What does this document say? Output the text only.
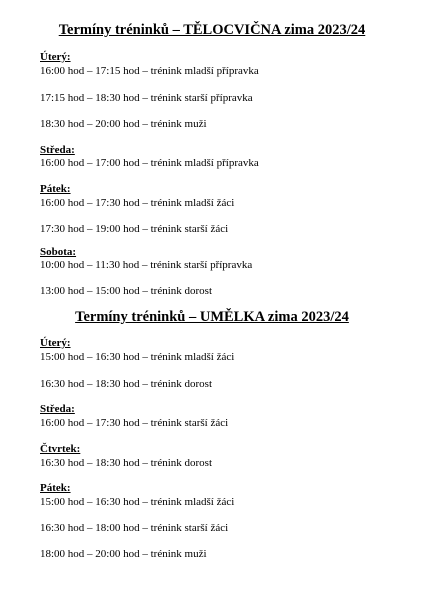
Termíny tréninků – TĚLOCVIČNA zima 2023/24
Úterý:
16:00 hod – 17:15 hod – trénink mladší přípravka
17:15 hod – 18:30 hod – trénink starší přípravka
18:30 hod – 20:00 hod – trénink muži
Středa:
16:00 hod – 17:00 hod – trénink mladší přípravka
Pátek:
16:00 hod – 17:30 hod – trénink mladší žáci
17:30 hod – 19:00 hod – trénink starší žáci
Sobota:
10:00 hod – 11:30 hod – trénink starší přípravka
13:00 hod – 15:00 hod – trénink dorost
Termíny tréninků – UMĚLKA zima 2023/24
Úterý:
15:00 hod – 16:30 hod – trénink mladší žáci
16:30 hod – 18:30 hod – trénink dorost
Středa:
16:00 hod – 17:30 hod – trénink starší žáci
Čtvrtek:
16:30 hod – 18:30 hod – trénink dorost
Pátek:
15:00 hod – 16:30 hod – trénink mladší žáci
16:30 hod – 18:00 hod – trénink starší žáci
18:00 hod – 20:00 hod – trénink muži
